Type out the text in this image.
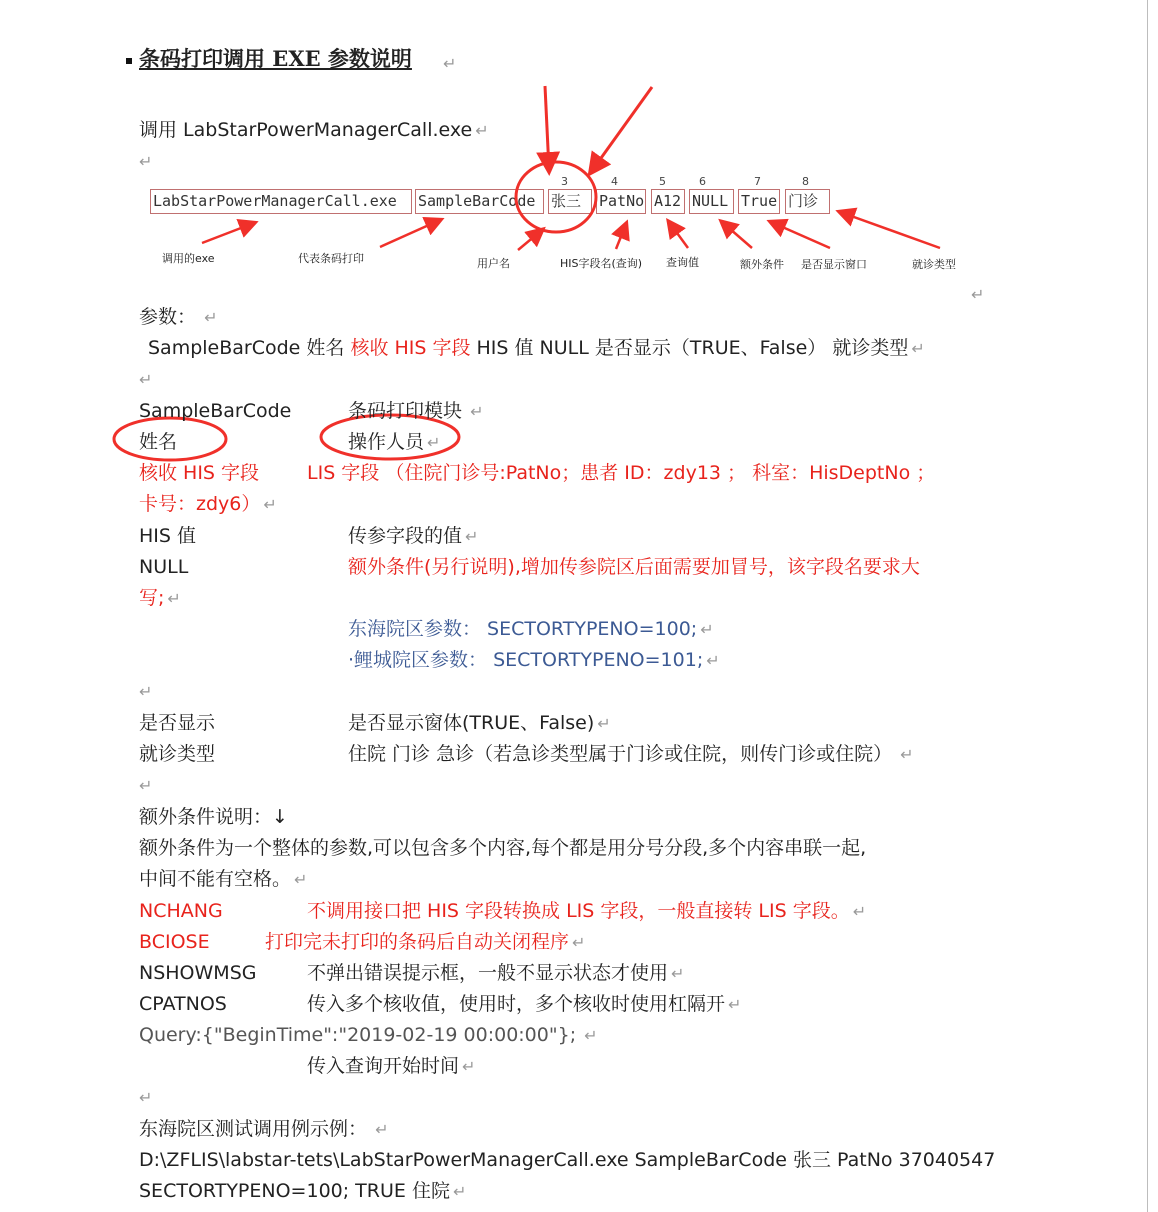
条码打印调用 EXE 参数说明 ↵
调用 LabStarPowerManagerCall.exe ↵
↵
LabStarPowerManagerCall.exe	SampleBarCode	张三	PatNo A12 NULL True 门诊
3	4	5	6	7	8
调用的exe	代表条码打印	用户名	HIS字段名(查询) 查询值	额外条件 是否显示窗口	就诊类型
↵
参数： ↵
SampleBarCode 姓名 核收 HIS 字段 HIS 值 NULL 是否显示（TRUE、False） 就诊类型 ↵
↵
SampleBarCode	条码打印模块 ↵
姓名	操作人员 ↵
核收 HIS 字段	LIS 字段 （住院门诊号:PatNo；患者 ID：zdy13 ； 科室：HisDeptNo ；
卡号：zdy6） ↵
HIS 值	传参字段的值 ↵
NULL	额外条件(另行说明),增加传参院区后面需要加冒号，该字段名要求大
写; ↵
东海院区参数： SECTORTYPENO=100; ↵
·鲤城院区参数： SECTORTYPENO=101; ↵
↵
是否显示	是否显示窗体(TRUE、False) ↵
就诊类型	住院 门诊 急诊（若急诊类型属于门诊或住院，则传门诊或住院） ↵
↵
额外条件说明：↓
额外条件为一个整体的参数,可以包含多个内容,每个都是用分号分段,多个内容串联一起,
中间不能有空格。 ↵
NCHANG	不调用接口把 HIS 字段转换成 LIS 字段，一般直接转 LIS 字段。 ↵
BCIOSE	打印完未打印的条码后自动关闭程序 ↵
NSHOWMSG	不弹出错误提示框，一般不显示状态才使用 ↵
CPATNOS	传入多个核收值，使用时，多个核收时使用杠隔开 ↵
Query:{"BeginTime":"2019-02-19 00:00:00"}; ↵
传入查询开始时间 ↵
↵
东海院区测试调用例示例： ↵
D:\ZFLIS\labstar-tets\LabStarPowerManagerCall.exe SampleBarCode 张三 PatNo 37040547
SECTORTYPENO=100; TRUE 住院 ↵
